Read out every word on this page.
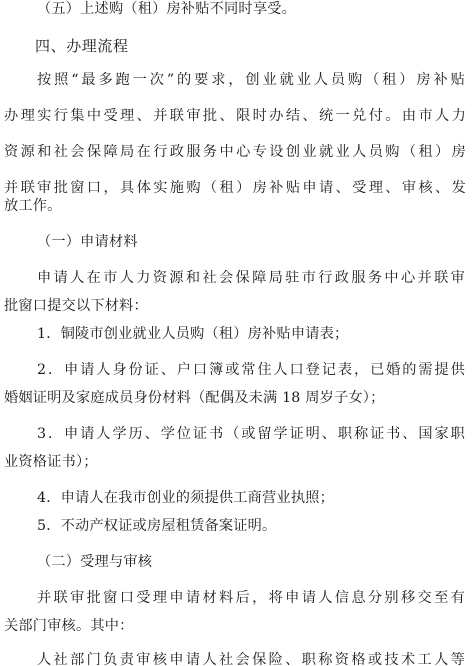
（五）上述购（租）房补贴不同时享受。
四、办理流程
按照“最多跑一次”的要求，创业就业人员购（租）房补贴
办理实行集中受理、并联审批、限时办结、统一兑付。由市人力
资源和社会保障局在行政服务中心专设创业就业人员购（租）房
并联审批窗口，具体实施购（租）房补贴申请、受理、审核、发
放工作。
（一）申请材料
申请人在市人力资源和社会保障局驻市行政服务中心并联审
批窗口提交以下材料：
1．铜陵市创业就业人员购（租）房补贴申请表；
2．申请人身份证、户口簿或常住人口登记表，已婚的需提供
婚姻证明及家庭成员身份材料（配偶及未满 18 周岁子女）；
3．申请人学历、学位证书（或留学证明、职称证书、国家职
业资格证书）；
4．申请人在我市创业的须提供工商营业执照；
5．不动产权证或房屋租赁备案证明。
（二）受理与审核
并联审批窗口受理申请材料后，将申请人信息分别移交至有
关部门审核。其中：
人社部门负责审核申请人社会保险、职称资格或技术工人等
